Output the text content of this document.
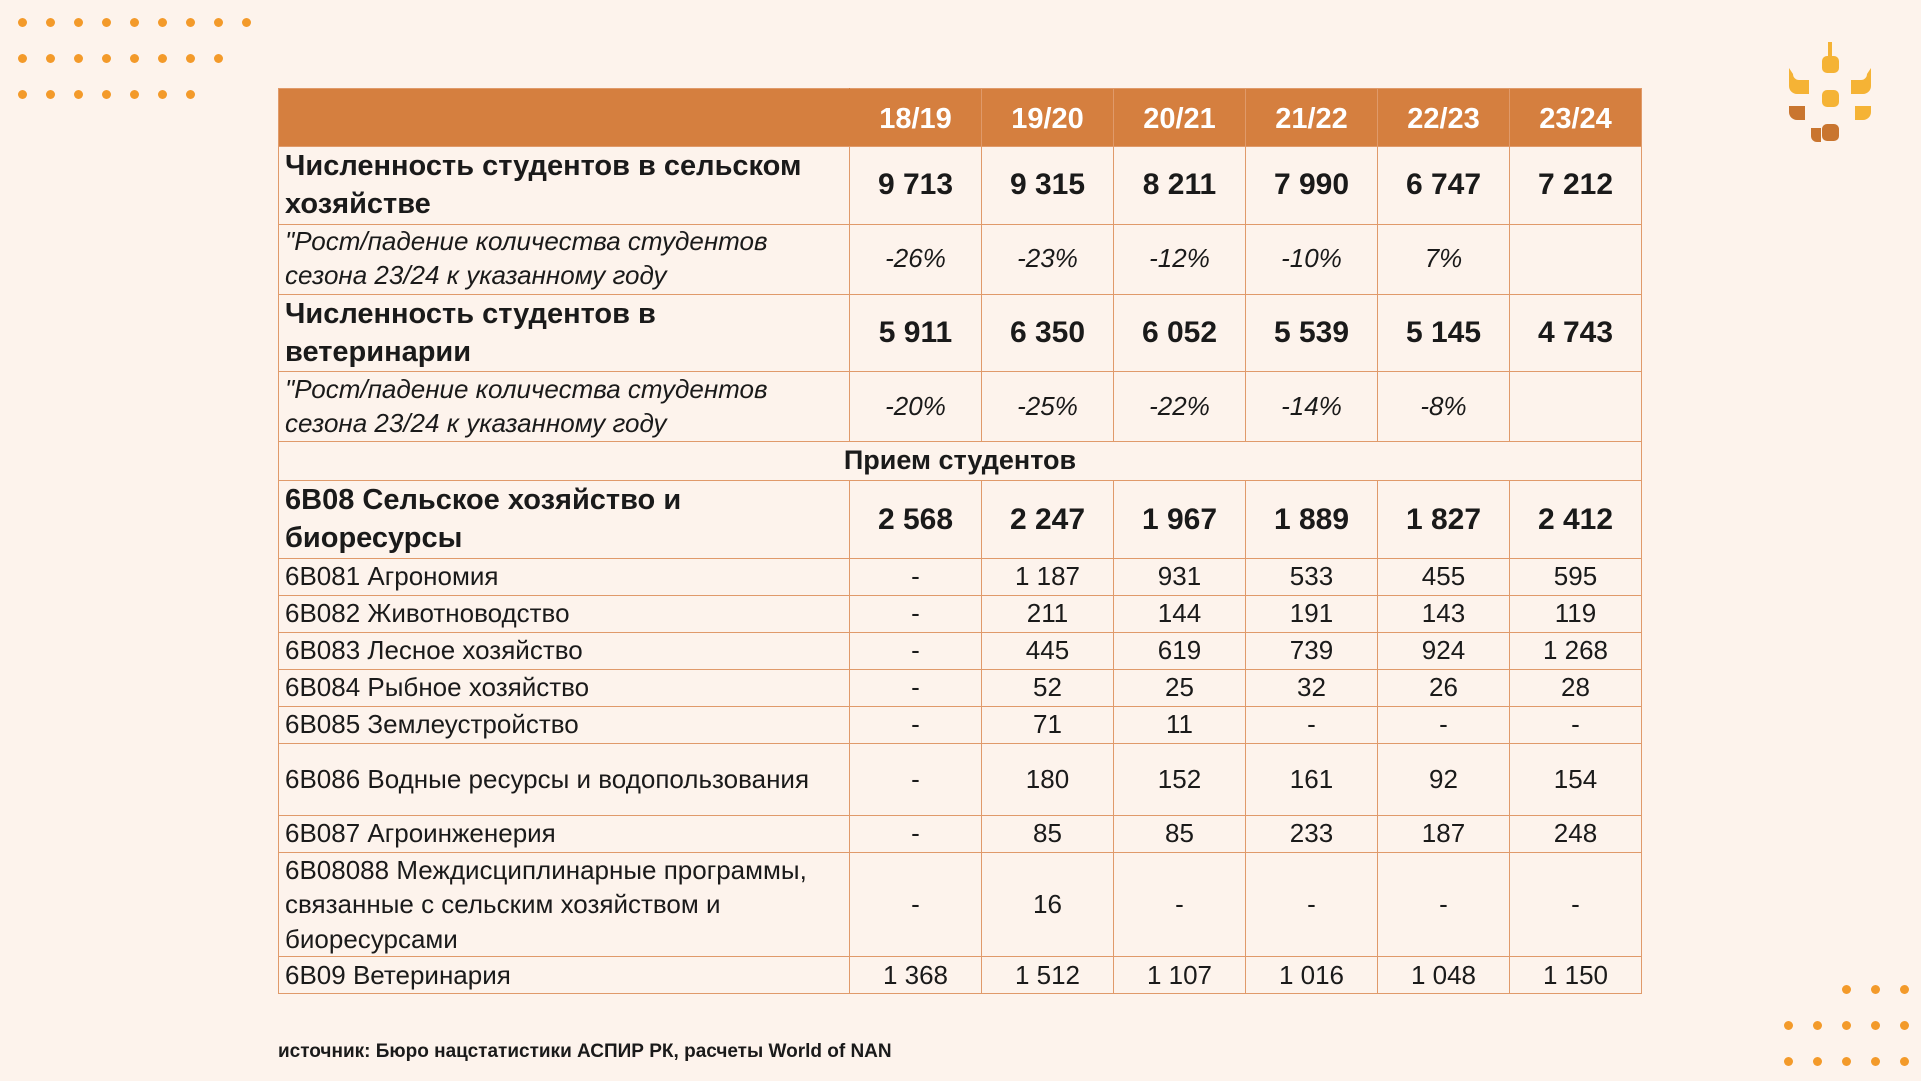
	18/19	19/20	20/21	21/22	22/23	23/24
Численность студентов в сельском хозяйстве	9 713	9 315	8 211	7 990	6 747	7 212
"Рост/падение количества студентов сезона 23/24 к указанному году	-26%	-23%	-12%	-10%	7%	
Численность студентов в ветеринарии	5 911	6 350	6 052	5 539	5 145	4 743
"Рост/падение количества студентов сезона 23/24 к указанному году	-20%	-25%	-22%	-14%	-8%	
Прием студентов						
6B08 Сельское хозяйство и биоресурсы	2 568	2 247	1 967	1 889	1 827	2 412
6B081 Агрономия	-	1 187	931	533	455	595
6B082 Животноводство	-	211	144	191	143	119
6B083 Лесное хозяйство	-	445	619	739	924	1 268
6B084 Рыбное хозяйство	-	52	25	32	26	28
6B085 Землеустройство	-	71	11	-	-	-
6B086 Водные ресурсы и водопользования	-	180	152	161	92	154
6B087 Агроинженерия	-	85	85	233	187	248
6B08088 Междисциплинарные программы, связанные с сельским хозяйством и биоресурсами	-	16	-	-	-	-
6B09 Ветеринария	1 368	1 512	1 107	1 016	1 048	1 150
источник: Бюро нацстатистики АСПИР РК, расчеты World of NAN
